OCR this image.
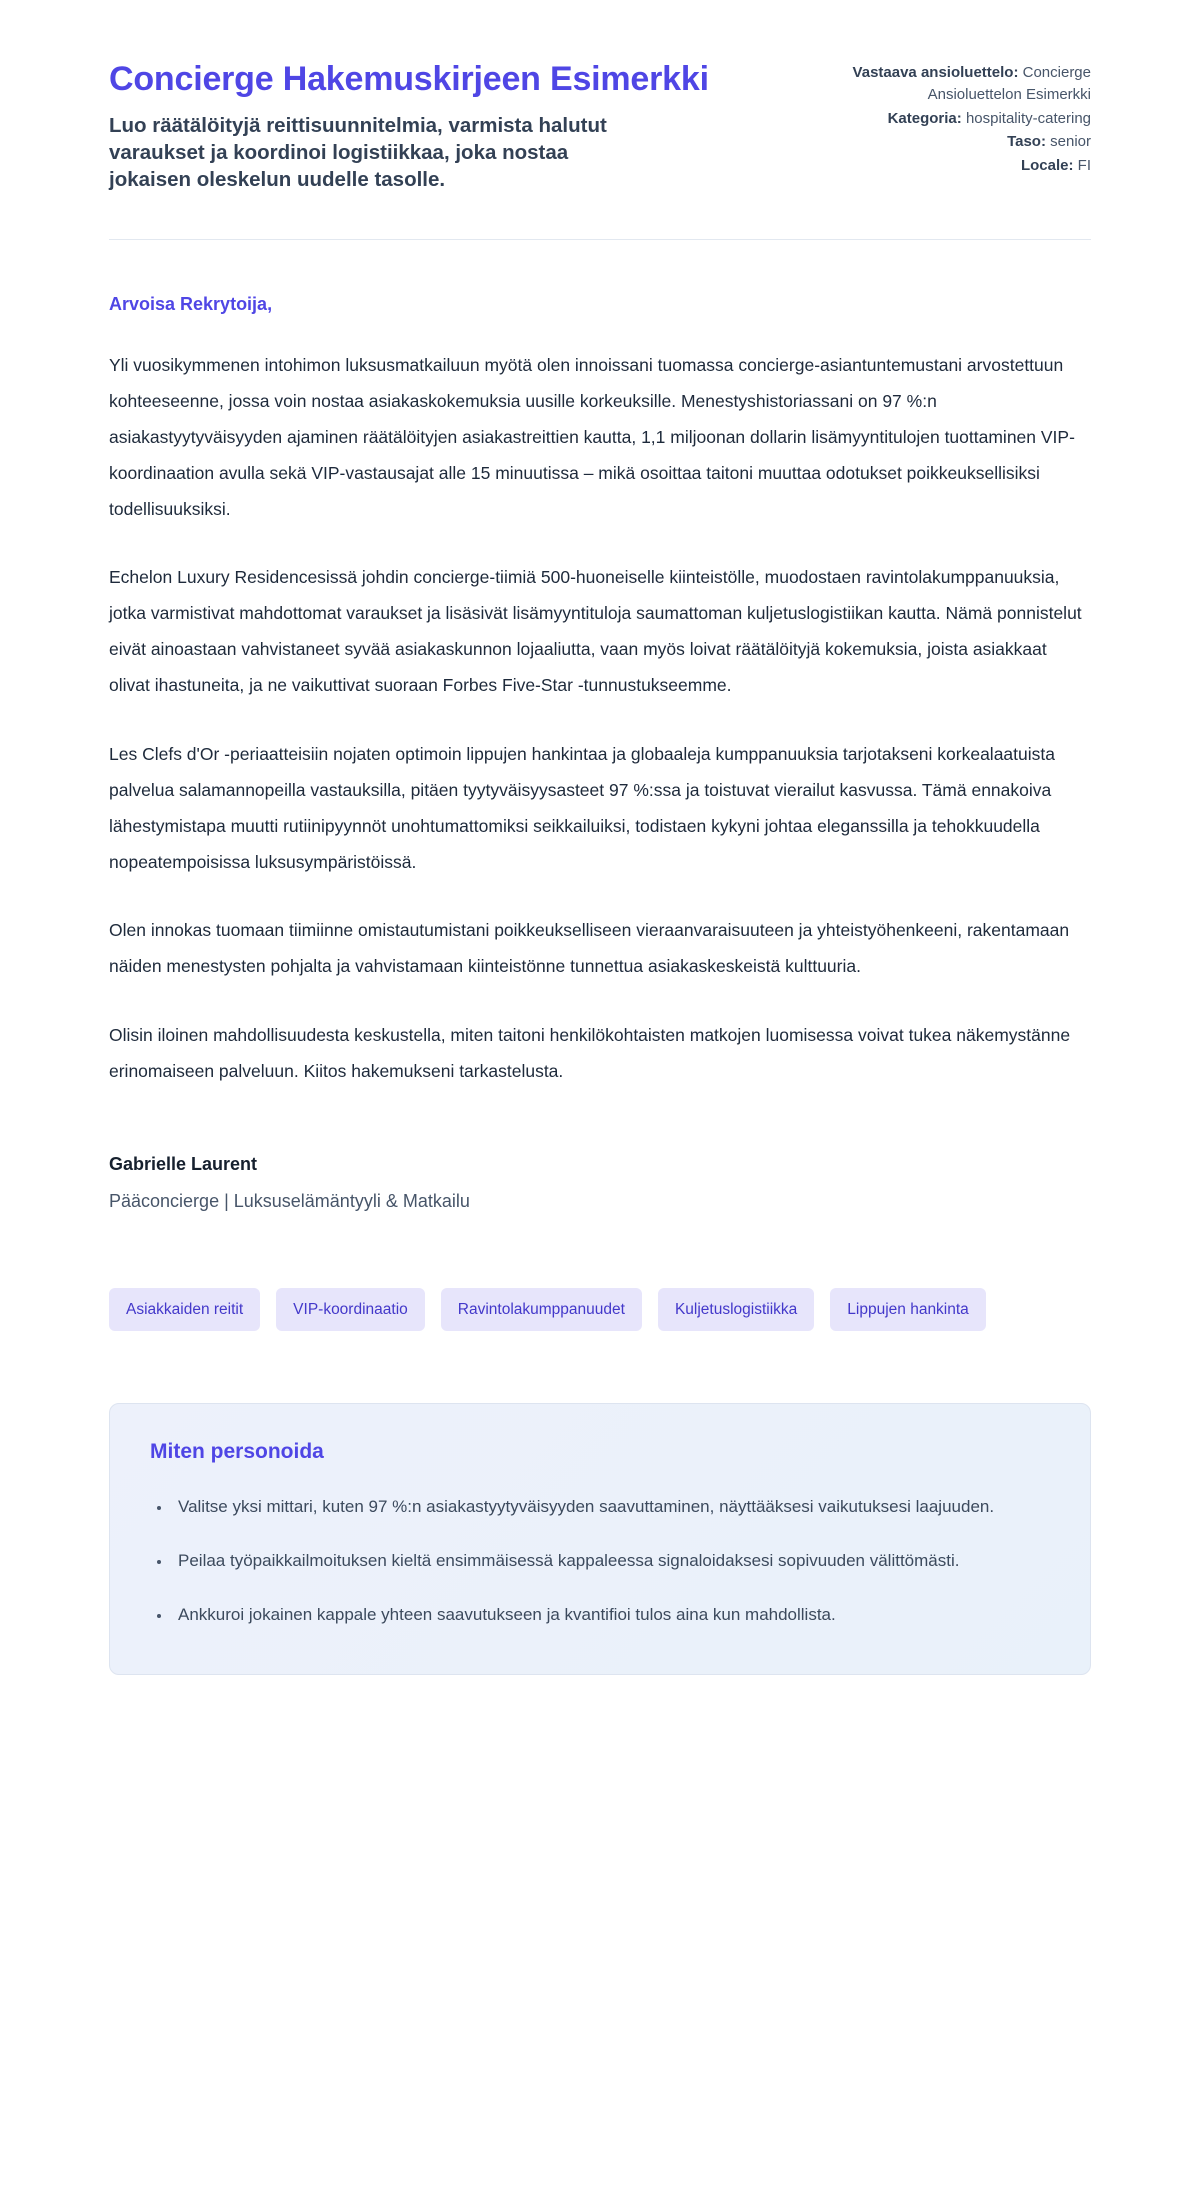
Concierge Hakemuskirjeen Esimerkki

Luo räätälöityjä reittisuunnitelmia, varmista halutut varaukset ja koordinoi logistiikkaa, joka nostaa jokaisen oleskelun uudelle tasolle.

Vastaava ansioluettelo: Concierge Ansioluettelon Esimerkki
Kategoria: hospitality-catering
Taso: senior
Locale: FI

Arvoisa Rekrytoija,

Yli vuosikymmenen intohimon luksusmatkailuun myötä olen innoissani tuomassa concierge-asiantuntemustani arvostettuun kohteeseenne, jossa voin nostaa asiakaskokemuksia uusille korkeuksille. Menestyshistoriassani on 97 %:n asiakastyytyväisyyden ajaminen räätälöityjen asiakastreittien kautta, 1,1 miljoonan dollarin lisämyyntitulojen tuottaminen VIP-koordinaation avulla sekä VIP-vastausajat alle 15 minuutissa – mikä osoittaa taitoni muuttaa odotukset poikkeuksellisiksi todellisuuksiksi.

Echelon Luxury Residencesissä johdin concierge-tiimiä 500-huoneiselle kiinteistölle, muodostaen ravintolakumppanuuksia, jotka varmistivat mahdottomat varaukset ja lisäsivät lisämyyntituloja saumattoman kuljetuslogistiikan kautta. Nämä ponnistelut eivät ainoastaan vahvistaneet syvää asiakaskunnon lojaaliutta, vaan myös loivat räätälöityjä kokemuksia, joista asiakkaat olivat ihastuneita, ja ne vaikuttivat suoraan Forbes Five-Star -tunnustukseemme.

Les Clefs d'Or -periaatteisiin nojaten optimoin lippujen hankintaa ja globaaleja kumppanuuksia tarjotakseni korkealaatuista palvelua salamannopeilla vastauksilla, pitäen tyytyväisyysasteet 97 %:ssa ja toistuvat vierailut kasvussa. Tämä ennakoiva lähestymistapa muutti rutiinipyynnöt unohtumattomiksi seikkailuiksi, todistaen kykyni johtaa eleganssilla ja tehokkuudella nopeatempoisissa luksusympäristöissä.

Olen innokas tuomaan tiimiinne omistautumistani poikkeukselliseen vieraanvaraisuuteen ja yhteistyöhenkeeni, rakentamaan näiden menestysten pohjalta ja vahvistamaan kiinteistönne tunnettua asiakaskeskeistä kulttuuria.

Olisin iloinen mahdollisuudesta keskustella, miten taitoni henkilökohtaisten matkojen luomisessa voivat tukea näkemystänne erinomaiseen palveluun. Kiitos hakemukseni tarkastelusta.

Gabrielle Laurent

Pääconcierge | Luksuselämäntyyli & Matkailu

Asiakkaiden reitit	VIP-koordinaatio	Ravintolakumppanuudet	Kuljetuslogistiikka	Lippujen hankinta
Miten personoida
• Valitse yksi mittari, kuten 97 %:n asiakastyytyväisyyden saavuttaminen, näyttääksesi vaikutuksesi laajuuden.
• Peilaa työpaikkailmoituksen kieltä ensimmäisessä kappaleessa signaloidaksesi sopivuuden välittömästi.
• Ankkuroi jokainen kappale yhteen saavutukseen ja kvantifioi tulos aina kun mahdollista.
